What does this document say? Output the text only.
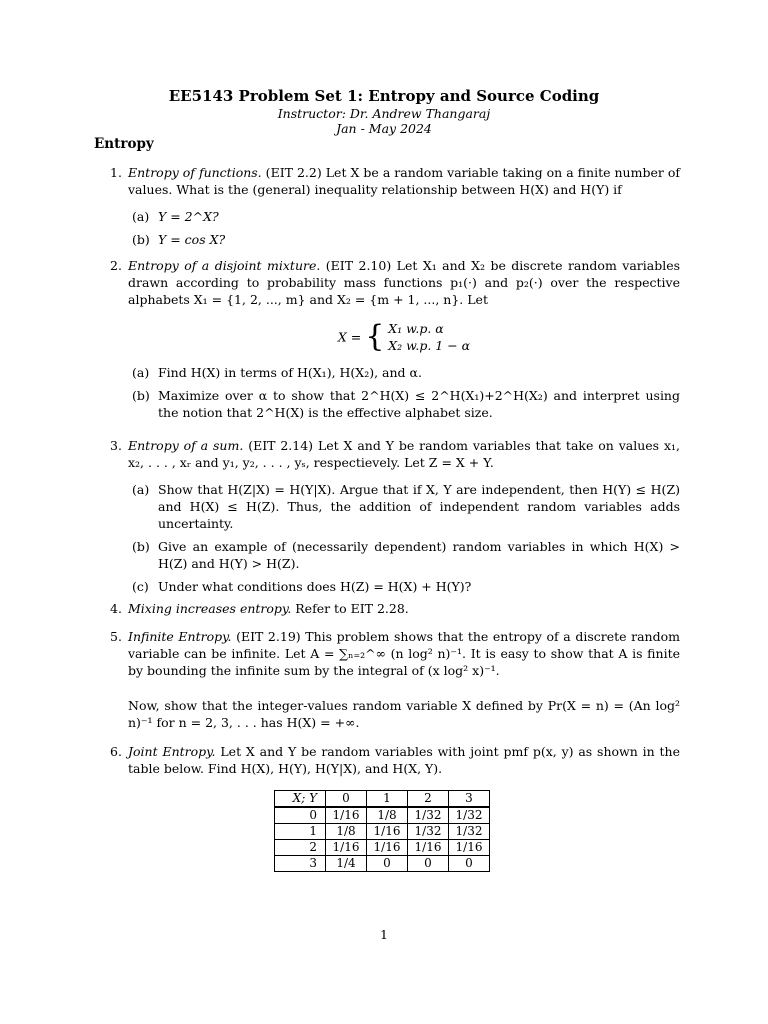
EE5143 Problem Set 1: Entropy and Source Coding
Instructor: Dr. Andrew Thangaraj
Jan - May 2024
Entropy
1. Entropy of functions. (EIT 2.2) Let X be a random variable taking on a finite number of values. What is the (general) inequality relationship between H(X) and H(Y) if
(a) Y = 2^X?
(b) Y = cos X?
2. Entropy of a disjoint mixture. (EIT 2.10) Let X₁ and X₂ be discrete random variables drawn according to probability mass functions p₁(·) and p₂(·) over the respective alphabets X₁ = {1, 2, ..., m} and X₂ = {m + 1, ..., n}. Let
X = { X₁ w.p. α
X₂ w.p. 1 − α
(a) Find H(X) in terms of H(X₁), H(X₂), and α.
(b) Maximize over α to show that 2^H(X) ≤ 2^H(X₁)+2^H(X₂) and interpret using the notion that 2^H(X) is the effective alphabet size.
3. Entropy of a sum. (EIT 2.14) Let X and Y be random variables that take on values x₁, x₂, . . . , xᵣ and y₁, y₂, . . . , yₛ, respectievely. Let Z = X + Y.
(a) Show that H(Z|X) = H(Y|X). Argue that if X, Y are independent, then H(Y) ≤ H(Z) and H(X) ≤ H(Z). Thus, the addition of independent random variables adds uncertainty.
(b) Give an example of (necessarily dependent) random variables in which H(X) > H(Z) and H(Y) > H(Z).
(c) Under what conditions does H(Z) = H(X) + H(Y)?
4. Mixing increases entropy. Refer to EIT 2.28.
5. Infinite Entropy. (EIT 2.19) This problem shows that the entropy of a discrete random variable can be infinite. Let A = ∑ₙ₌₂^∞ (n log² n)⁻¹. It is easy to show that A is finite by bounding the infinite sum by the integral of (x log² x)⁻¹.
Now, show that the integer-values random variable X defined by Pr(X = n) = (An log² n)⁻¹ for n = 2, 3, . . . has H(X) = +∞.
6. Joint Entropy. Let X and Y be random variables with joint pmf p(x, y) as shown in the table below. Find H(X), H(Y), H(Y|X), and H(X, Y).
X; Y	0	1	2	3
0	1/16	1/8	1/32	1/32
1	1/8	1/16	1/32	1/32
2	1/16	1/16	1/16	1/16
3	1/4	0	0	0
1
